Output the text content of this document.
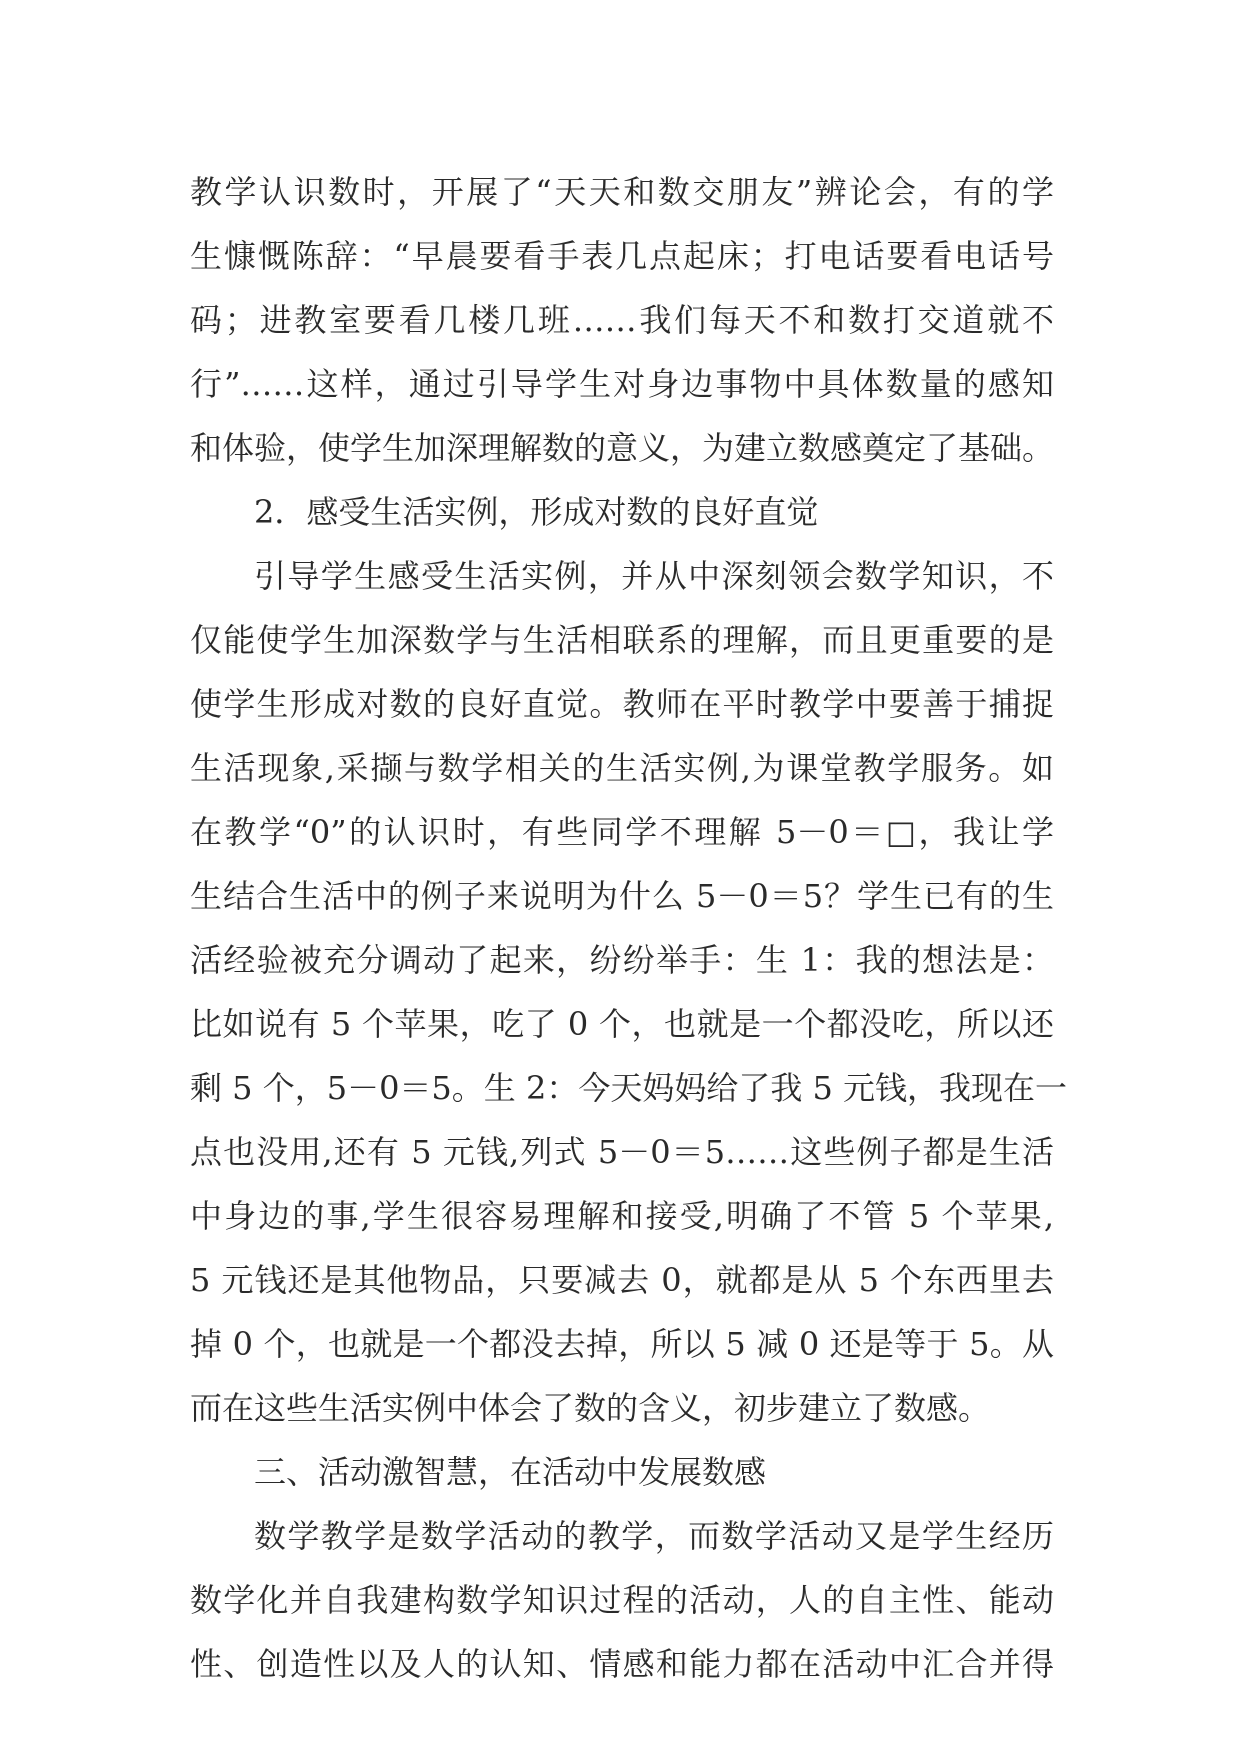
教学认识数时，开展了“天天和数交朋友”辨论会，有的学
生慷慨陈辞：“早晨要看手表几点起床；打电话要看电话号
码；进教室要看几楼几班……我们每天不和数打交道就不
行”……这样，通过引导学生对身边事物中具体数量的感知
和体验，使学生加深理解数的意义，为建立数感奠定了基础。
2．感受生活实例，形成对数的良好直觉
引导学生感受生活实例，并从中深刻领会数学知识，不
仅能使学生加深数学与生活相联系的理解，而且更重要的是
使学生形成对数的良好直觉。教师在平时教学中要善于捕捉
生活现象,采撷与数学相关的生活实例,为课堂教学服务。如
在教学“0”的认识时，有些同学不理解 5－0＝□，我让学
生结合生活中的例子来说明为什么 5－0＝5？学生已有的生
活经验被充分调动了起来，纷纷举手：生 1：我的想法是：
比如说有 5 个苹果，吃了 0 个，也就是一个都没吃，所以还
剩 5 个，5－0＝5。生 2：今天妈妈给了我 5 元钱，我现在一
点也没用,还有 5 元钱,列式 5－0＝5……这些例子都是生活
中身边的事,学生很容易理解和接受,明确了不管 5 个苹果,
5 元钱还是其他物品，只要减去 0，就都是从 5 个东西里去
掉 0 个，也就是一个都没去掉，所以 5 减 0 还是等于 5。从
而在这些生活实例中体会了数的含义，初步建立了数感。
三、活动激智慧，在活动中发展数感
数学教学是数学活动的教学，而数学活动又是学生经历
数学化并自我建构数学知识过程的活动，人的自主性、能动
性、创造性以及人的认知、情感和能力都在活动中汇合并得
